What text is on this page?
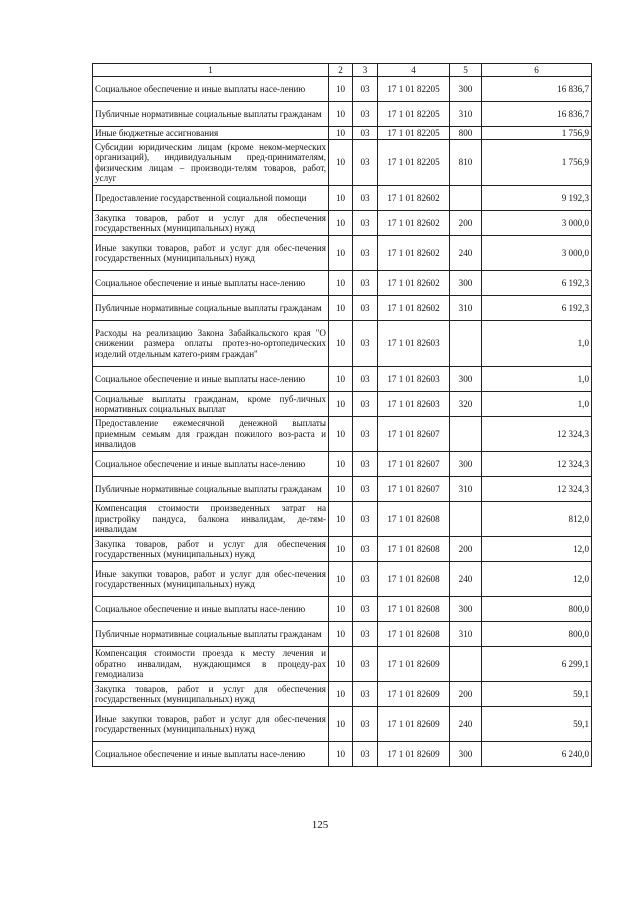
1	2	3	4	5	6
Социальное обеспечение и иные выплаты насе-лению	10	03	17 1 01 82205	300	16 836,7
Публичные нормативные социальные выплаты гражданам	10	03	17 1 01 82205	310	16 836,7
Иные бюджетные ассигнования	10	03	17 1 01 82205	800	1 756,9
Субсидии юридическим лицам (кроме неком-мерческих организаций), индивидуальным пред-принимателям, физическим лицам – производи-телям товаров, работ, услуг	10	03	17 1 01 82205	810	1 756,9
Предоставление государственной социальной помощи	10	03	17 1 01 82602		9 192,3
Закупка товаров, работ и услуг для обеспечения государственных (муниципальных) нужд	10	03	17 1 01 82602	200	3 000,0
Иные закупки товаров, работ и услуг для обес-печения государственных (муниципальных) нужд	10	03	17 1 01 82602	240	3 000,0
Социальное обеспечение и иные выплаты насе-лению	10	03	17 1 01 82602	300	6 192,3
Публичные нормативные социальные выплаты гражданам	10	03	17 1 01 82602	310	6 192,3
Расходы на реализацию Закона Забайкальского края "О снижении размера оплаты протез-но-ортопедических изделий отдельным катего-риям граждан"	10	03	17 1 01 82603		1,0
Социальное обеспечение и иные выплаты насе-лению	10	03	17 1 01 82603	300	1,0
Социальные выплаты гражданам, кроме пуб-личных нормативных социальных выплат	10	03	17 1 01 82603	320	1,0
Предоставление ежемесячной денежной выплаты приемным семьям для граждан пожилого воз-раста и инвалидов	10	03	17 1 01 82607		12 324,3
Социальное обеспечение и иные выплаты насе-лению	10	03	17 1 01 82607	300	12 324,3
Публичные нормативные социальные выплаты гражданам	10	03	17 1 01 82607	310	12 324,3
Компенсация стоимости произведенных затрат на пристройку пандуса, балкона инвалидам, де-тям-инвалидам	10	03	17 1 01 82608		812,0
Закупка товаров, работ и услуг для обеспечения государственных (муниципальных) нужд	10	03	17 1 01 82608	200	12,0
Иные закупки товаров, работ и услуг для обес-печения государственных (муниципальных) нужд	10	03	17 1 01 82608	240	12,0
Социальное обеспечение и иные выплаты насе-лению	10	03	17 1 01 82608	300	800,0
Публичные нормативные социальные выплаты гражданам	10	03	17 1 01 82608	310	800,0
Компенсация стоимости проезда к месту лечения и обратно инвалидам, нуждающимся в процеду-рах гемодиализа	10	03	17 1 01 82609		6 299,1
Закупка товаров, работ и услуг для обеспечения государственных (муниципальных) нужд	10	03	17 1 01 82609	200	59,1
Иные закупки товаров, работ и услуг для обес-печения государственных (муниципальных) нужд	10	03	17 1 01 82609	240	59,1
Социальное обеспечение и иные выплаты насе-лению	10	03	17 1 01 82609	300	6 240,0
125
